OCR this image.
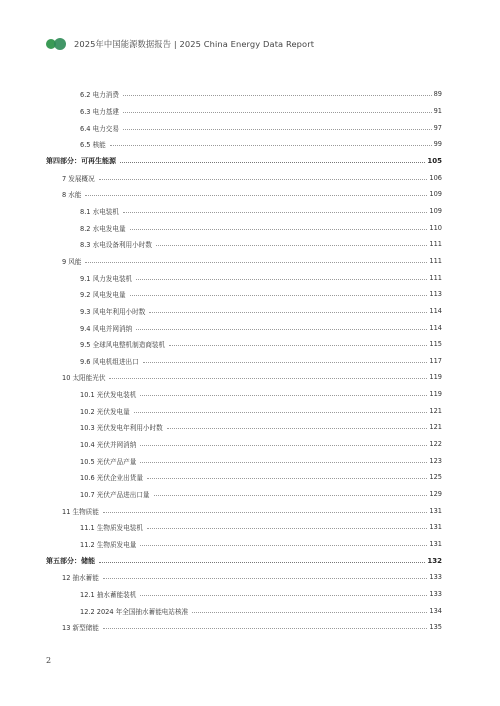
2025年中国能源数据报告 | 2025 China Energy Data Report
6.2 电力消费	89
6.3 电力基建	91
6.4 电力交易	97
6.5 核能	99
第四部分：可再生能源	105
7 发展概况	106
8 水能	109
8.1 水电装机	109
8.2 水电发电量	110
8.3 水电设备利用小时数	111
9 风能	111
9.1 风力发电装机	111
9.2 风电发电量	113
9.3 风电年利用小时数	114
9.4 风电并网消纳	114
9.5 全球风电整机制造商装机	115
9.6 风电机组进出口	117
10 太阳能光伏	119
10.1 光伏发电装机	119
10.2 光伏发电量	121
10.3 光伏发电年利用小时数	121
10.4 光伏并网消纳	122
10.5 光伏产品产量	123
10.6 光伏企业出货量	125
10.7 光伏产品进出口量	129
11 生物质能	131
11.1 生物质发电装机	131
11.2 生物质发电量	131
第五部分：储能	132
12 抽水蓄能	133
12.1 抽水蓄能装机	133
12.2 2024 年全国抽水蓄能电站核准	134
13 新型储能	135
2
